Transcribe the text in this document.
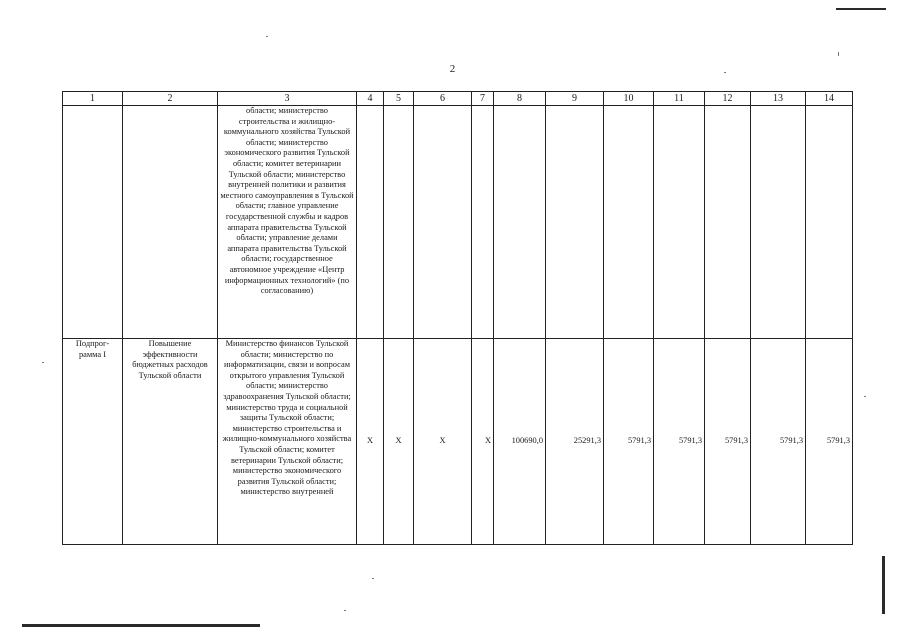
2
1	2	3	4	5	6	7	8	9	10	11	12	13	14
		области; министерство строительства и жилищно-коммунального хозяйства Тульской области; министерство экономического развития Тульской области; комитет ветеринарии Тульской области; министерство внутренней политики и развития местного самоуправления в Тульской области; главное управление государственной службы и кадров аппарата правительства Тульской области; управление делами аппарата правительства Тульской области; государственное автономное учреждение «Центр информационных технологий» (по согласованию)											
Подпрог-рамма I	Повышение эффективности бюджетных расходов Тульской области	Министерство финансов Тульской области; министерство по информатизации, связи и вопросам открытого управления Тульской области; министерство здравоохранения Тульской области; министерство труда и социальной защиты Тульской области; министерство строительства и жилищно-коммунального хозяйства Тульской области; комитет ветеринарии Тульской области; министерство экономического развития Тульской области; министерство внутренней	X	X	X	X	100690,0	25291,3	5791,3	5791,3	5791,3	5791,3	5791,3
